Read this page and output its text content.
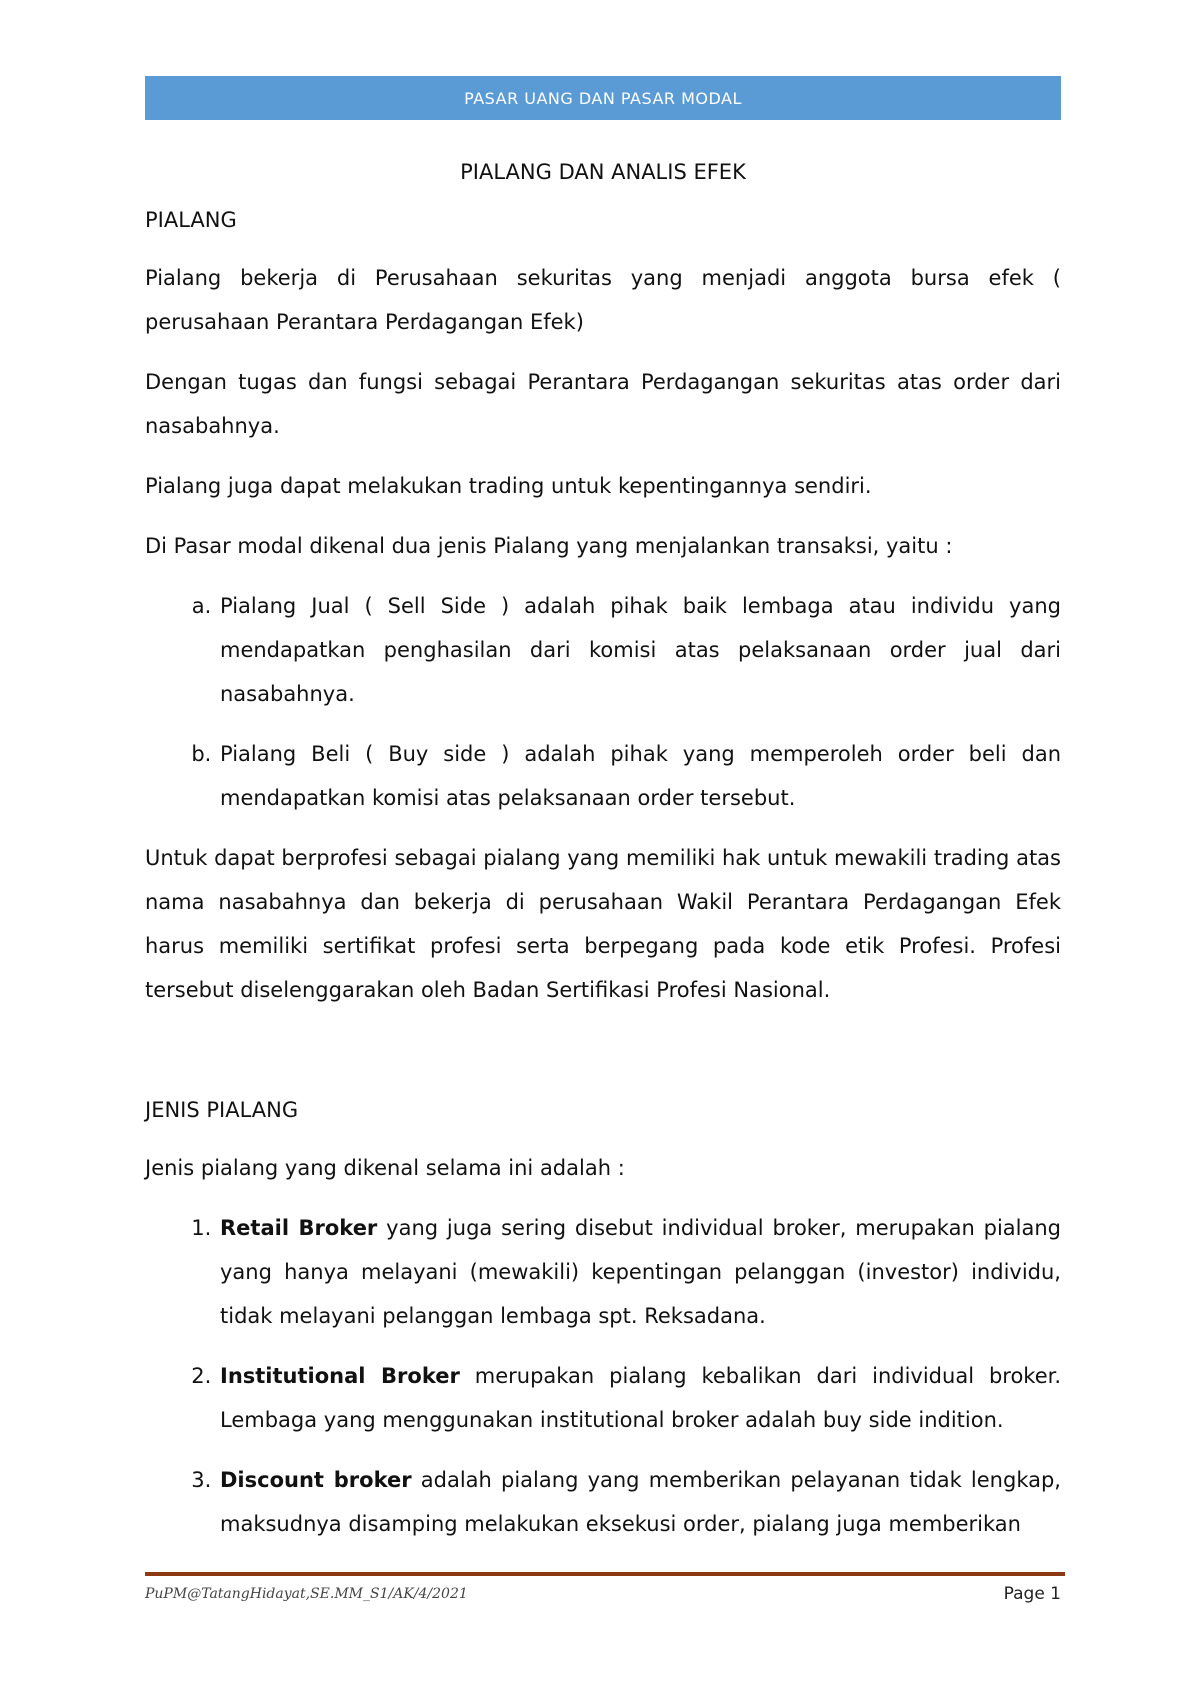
PASAR UANG DAN PASAR MODAL
PIALANG DAN ANALIS EFEK
PIALANG

Pialang bekerja di Perusahaan sekuritas yang menjadi anggota bursa efek ( perusahaan Perantara Perdagangan Efek)

Dengan tugas dan fungsi sebagai Perantara Perdagangan sekuritas atas order dari nasabahnya.

Pialang juga dapat melakukan trading untuk kepentingannya sendiri.

Di Pasar modal dikenal dua jenis Pialang yang menjalankan transaksi, yaitu :

a. Pialang Jual ( Sell Side ) adalah pihak baik lembaga atau individu yang mendapatkan penghasilan dari komisi atas pelaksanaan order jual dari nasabahnya.
b. Pialang Beli ( Buy side ) adalah pihak yang memperoleh order beli dan mendapatkan komisi atas pelaksanaan order tersebut.

Untuk dapat berprofesi sebagai pialang yang memiliki hak untuk mewakili trading atas nama nasabahnya dan bekerja di perusahaan Wakil Perantara Perdagangan Efek harus memiliki sertifikat profesi serta berpegang pada kode etik Profesi. Profesi tersebut diselenggarakan oleh Badan Sertifikasi Profesi Nasional.

JENIS PIALANG

Jenis pialang yang dikenal selama ini adalah :

1. Retail Broker yang juga sering disebut individual broker, merupakan pialang yang hanya melayani (mewakili) kepentingan pelanggan (investor) individu, tidak melayani pelanggan lembaga spt. Reksadana.
2. Institutional Broker merupakan pialang kebalikan dari individual broker. Lembaga yang menggunakan institutional broker adalah buy side indition.
3. Discount broker adalah pialang yang memberikan pelayanan tidak lengkap, maksudnya disamping melakukan eksekusi order, pialang juga memberikan
PuPM@TatangHidayat,SE.MM_S1/AK/4/2021	Page 1
